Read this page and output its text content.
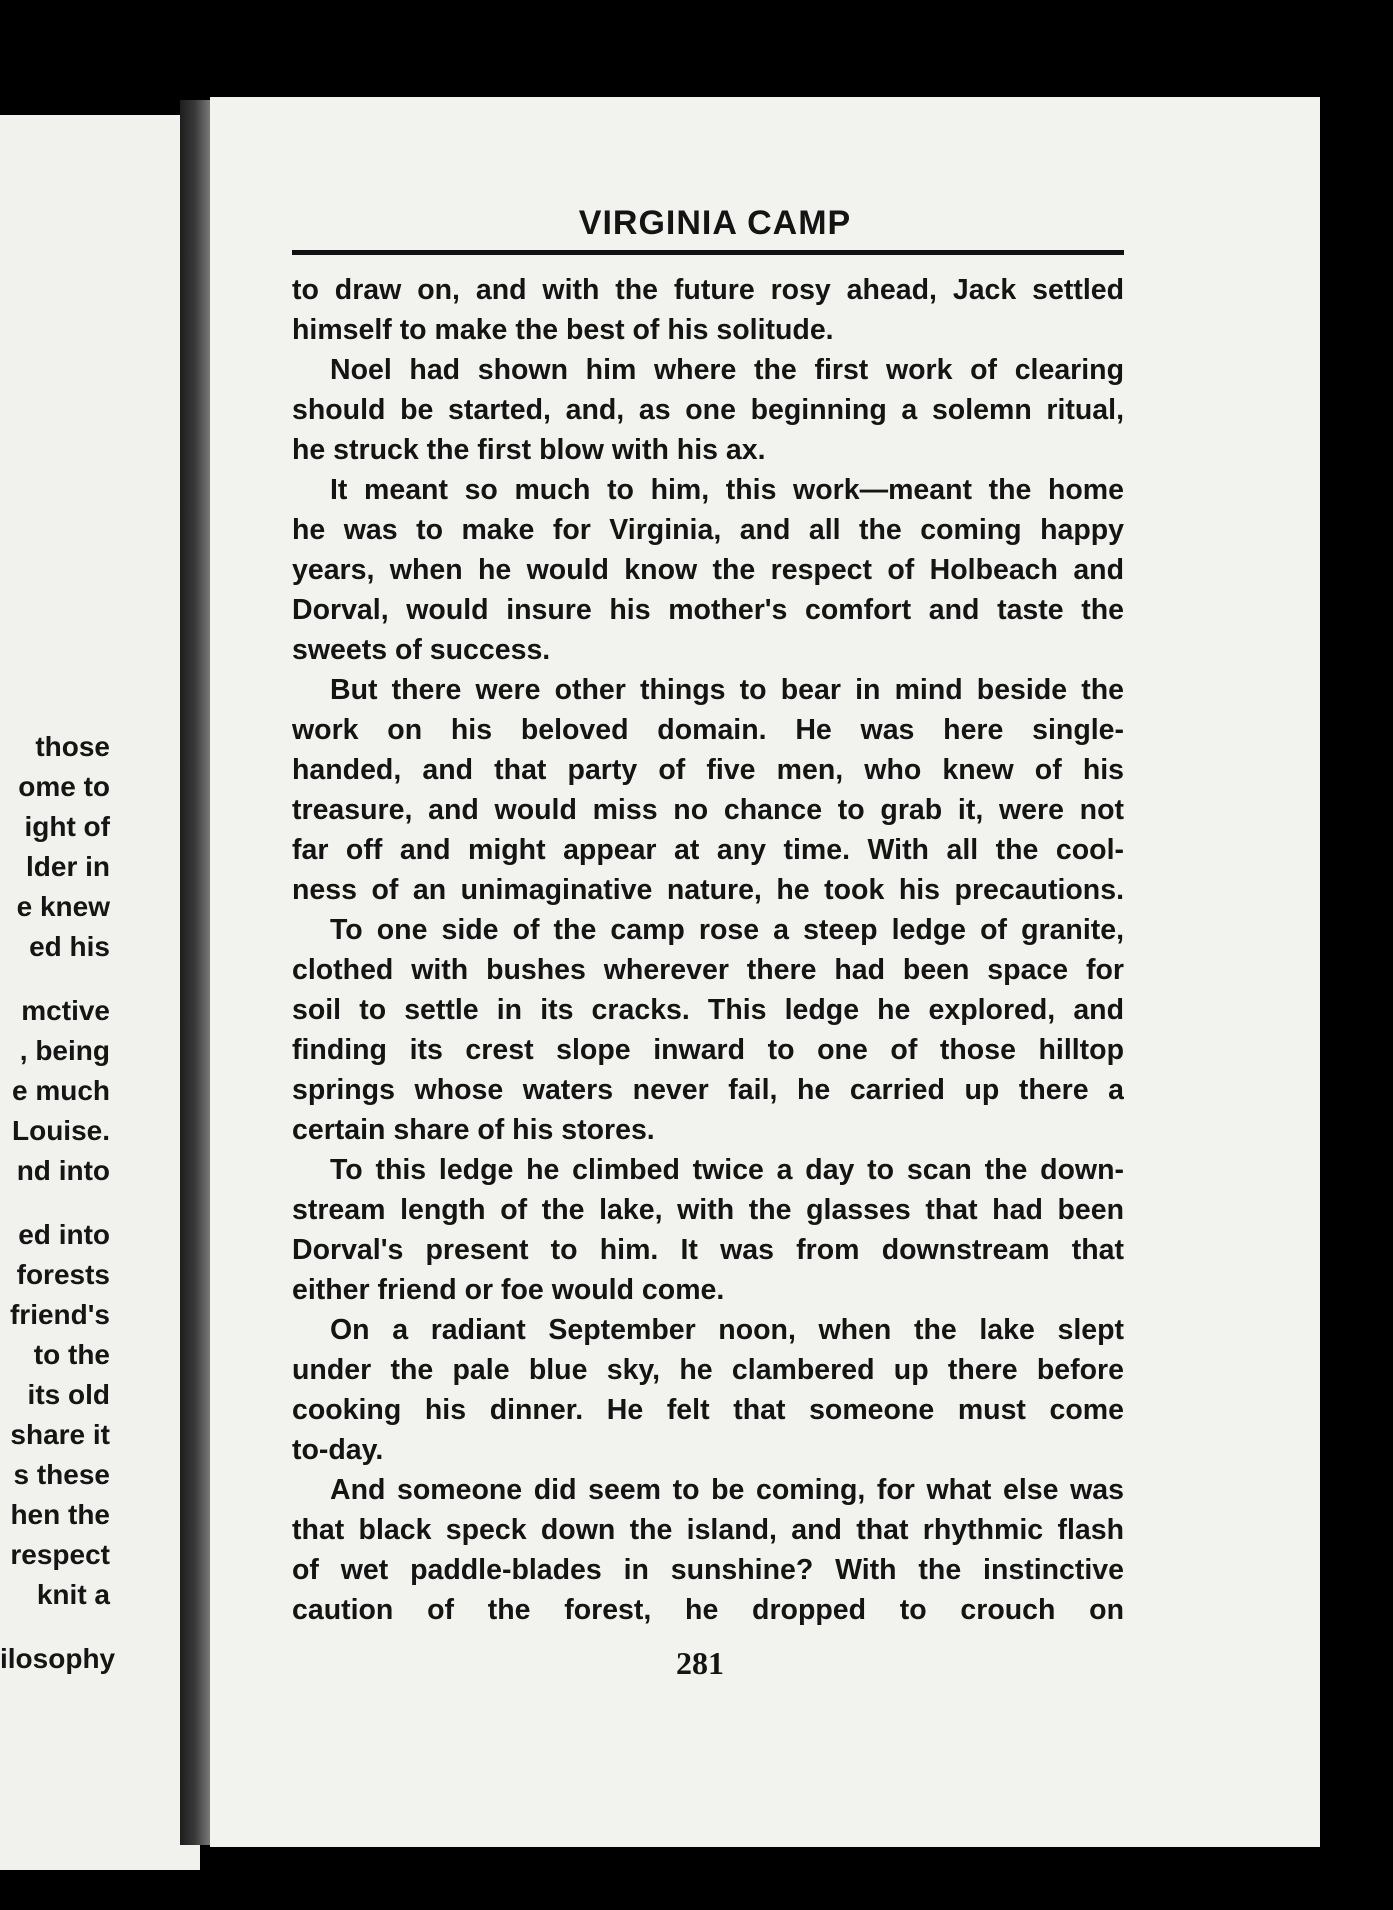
those
ome to
ight of
lder in
e knew
ed his
mctive
, being
e much
Louise.
nd into
ed into
forests
friend's
to the
its old
share it
s these
hen the
respect
knit a
ilosophy
VIRGINIA CAMP
to draw on, and with the future rosy ahead, Jack settled
himself to make the best of his solitude.
Noel had shown him where the first work of clearing
should be started, and, as one beginning a solemn ritual,
he struck the first blow with his ax.
It meant so much to him, this work—meant the home
he was to make for Virginia, and all the coming happy
years, when he would know the respect of Holbeach and
Dorval, would insure his mother's comfort and taste the
sweets of success.
But there were other things to bear in mind beside the
work on his beloved domain. He was here single-
handed, and that party of five men, who knew of his
treasure, and would miss no chance to grab it, were not
far off and might appear at any time. With all the cool-
ness of an unimaginative nature, he took his precautions.
To one side of the camp rose a steep ledge of granite,
clothed with bushes wherever there had been space for
soil to settle in its cracks. This ledge he explored, and
finding its crest slope inward to one of those hilltop
springs whose waters never fail, he carried up there a
certain share of his stores.
To this ledge he climbed twice a day to scan the down-
stream length of the lake, with the glasses that had been
Dorval's present to him. It was from downstream that
either friend or foe would come.
On a radiant September noon, when the lake slept
under the pale blue sky, he clambered up there before
cooking his dinner. He felt that someone must come
to-day.
And someone did seem to be coming, for what else was
that black speck down the island, and that rhythmic flash
of wet paddle-blades in sunshine? With the instinctive
caution of the forest, he dropped to crouch on
281
